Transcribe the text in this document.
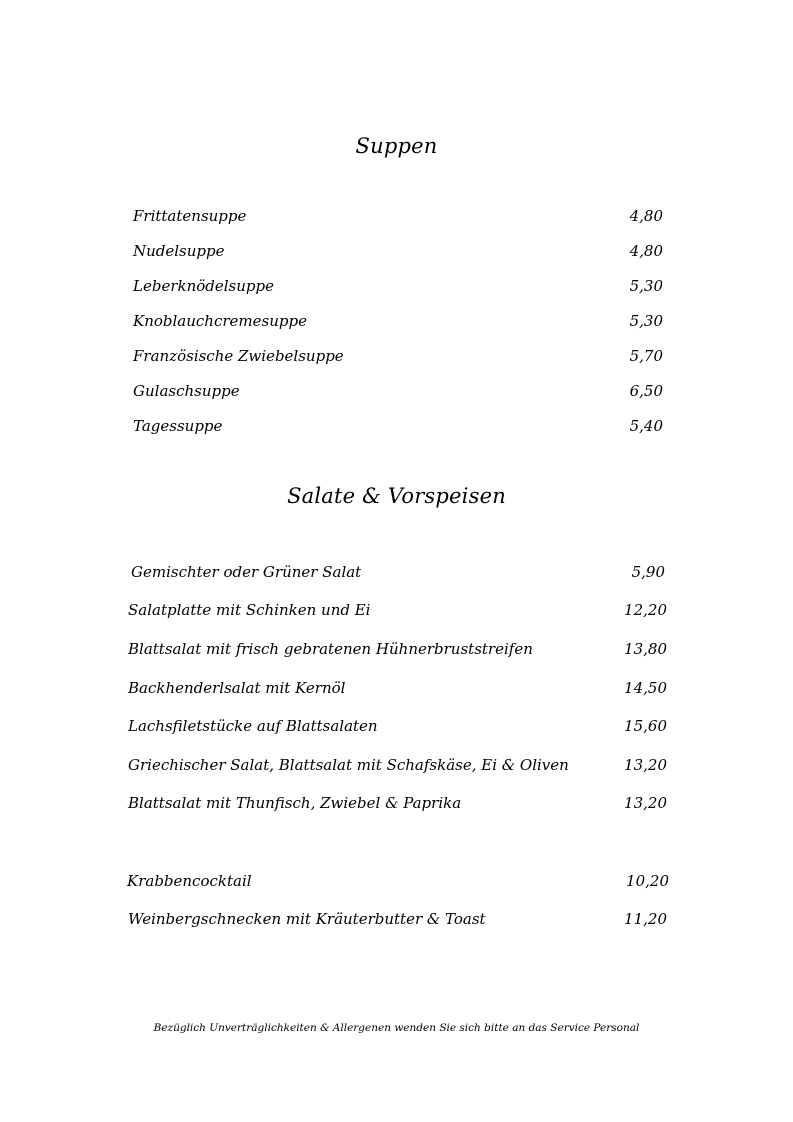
Suppen
Frittatensuppe	4,80
Nudelsuppe	4,80
Leberknödelsuppe	5,30
Knoblauchcremesuppe	5,30
Französische Zwiebelsuppe	5,70
Gulaschsuppe	6,50
Tagessuppe	5,40
Salate & Vorspeisen
Gemischter oder Grüner Salat	5,90
Salatplatte mit Schinken und Ei	12,20
Blattsalat mit frisch gebratenen Hühnerbruststreifen	13,80
Backhenderlsalat mit Kernöl	14,50
Lachsfiletstücke auf Blattsalaten	15,60
Griechischer Salat, Blattsalat mit Schafskäse, Ei & Oliven	13,20
Blattsalat mit Thunfisch, Zwiebel & Paprika	13,20
Krabbencocktail	10,20
Weinbergschnecken mit Kräuterbutter & Toast	11,20
Bezüglich Unverträglichkeiten & Allergenen wenden Sie sich bitte an das Service Personal
